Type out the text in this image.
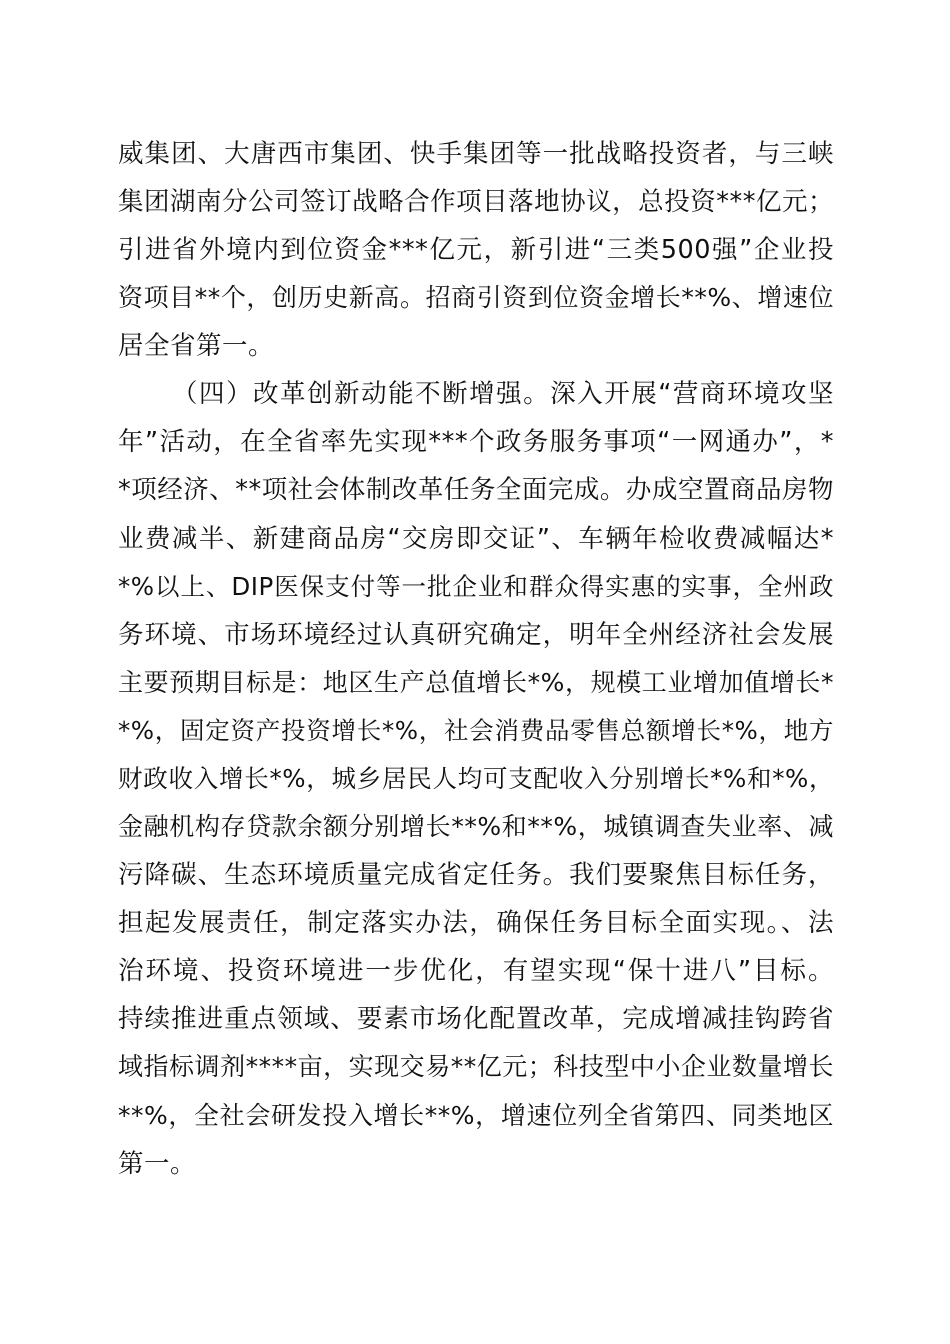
威集团、大唐西市集团、快手集团等一批战略投资者，与三峡
集团湖南分公司签订战略合作项目落地协议，总投资***亿元；
引进省外境内到位资金***亿元，新引进“三类500强”企业投
资项目**个，创历史新高。招商引资到位资金增长**%、增速位
居全省第一。
（四）改革创新动能不断增强。深入开展“营商环境攻坚
年”活动，在全省率先实现***个政务服务事项“一网通办”，*
*项经济、**项社会体制改革任务全面完成。办成空置商品房物
业费减半、新建商品房“交房即交证”、车辆年检收费减幅达*
*%以上、DIP医保支付等一批企业和群众得实惠的实事，全州政
务环境、市场环境经过认真研究确定，明年全州经济社会发展
主要预期目标是：地区生产总值增长*%，规模工业增加值增长*
*%，固定资产投资增长*%，社会消费品零售总额增长*%，地方
财政收入增长*%，城乡居民人均可支配收入分别增长*%和*%，
金融机构存贷款余额分别增长**%和**%，城镇调查失业率、减
污降碳、生态环境质量完成省定任务。我们要聚焦目标任务，
担起发展责任，制定落实办法，确保任务目标全面实现。、法
治环境、投资环境进一步优化，有望实现“保十进八”目标。
持续推进重点领域、要素市场化配置改革，完成增减挂钩跨省
域指标调剂****亩，实现交易**亿元；科技型中小企业数量增长
**%，全社会研发投入增长**%，增速位列全省第四、同类地区
第一。
